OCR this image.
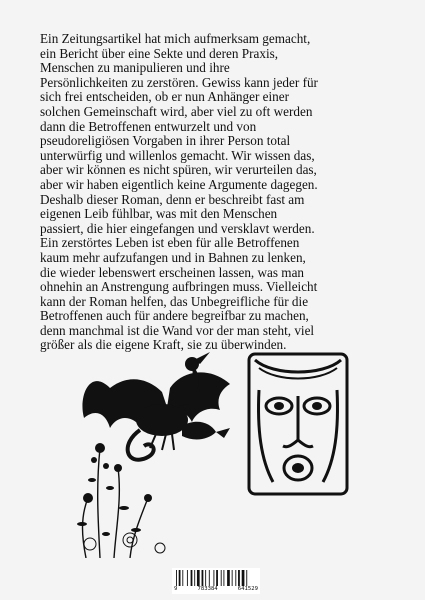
Ein Zeitungsartikel hat mich aufmerksam gemacht,
ein Bericht über eine Sekte und deren Praxis,
Menschen zu manipulieren und ihre
Persönlichkeiten zu zerstören. Gewiss kann jeder für
sich frei entscheiden, ob er nun Anhänger einer
solchen Gemeinschaft wird, aber viel zu oft werden
dann die Betroffenen entwurzelt und von
pseudoreligiösen Vorgaben in ihrer Person total
unterwürfig und willenlos gemacht. Wir wissen das,
aber wir können es nicht spüren, wir verurteilen das,
aber wir haben eigentlich keine Argumente dagegen.
Deshalb dieser Roman, denn er beschreibt fast am
eigenen Leib fühlbar, was mit den Menschen
passiert, die hier eingefangen und versklavt werden.
Ein zerstörtes Leben ist eben für alle Betroffenen
kaum mehr aufzufangen und in Bahnen zu lenken,
die wieder lebenswert erscheinen lassen, was man
ohnehin an Anstrengung aufbringen muss. Vielleicht
kann der Roman helfen, das Unbegreifliche für die
Betroffenen auch für andere begreifbar zu machen,
denn manchmal ist die Wand vor der man steht, viel
größer als die eigene Kraft, sie zu überwinden.
9	783384	641529
